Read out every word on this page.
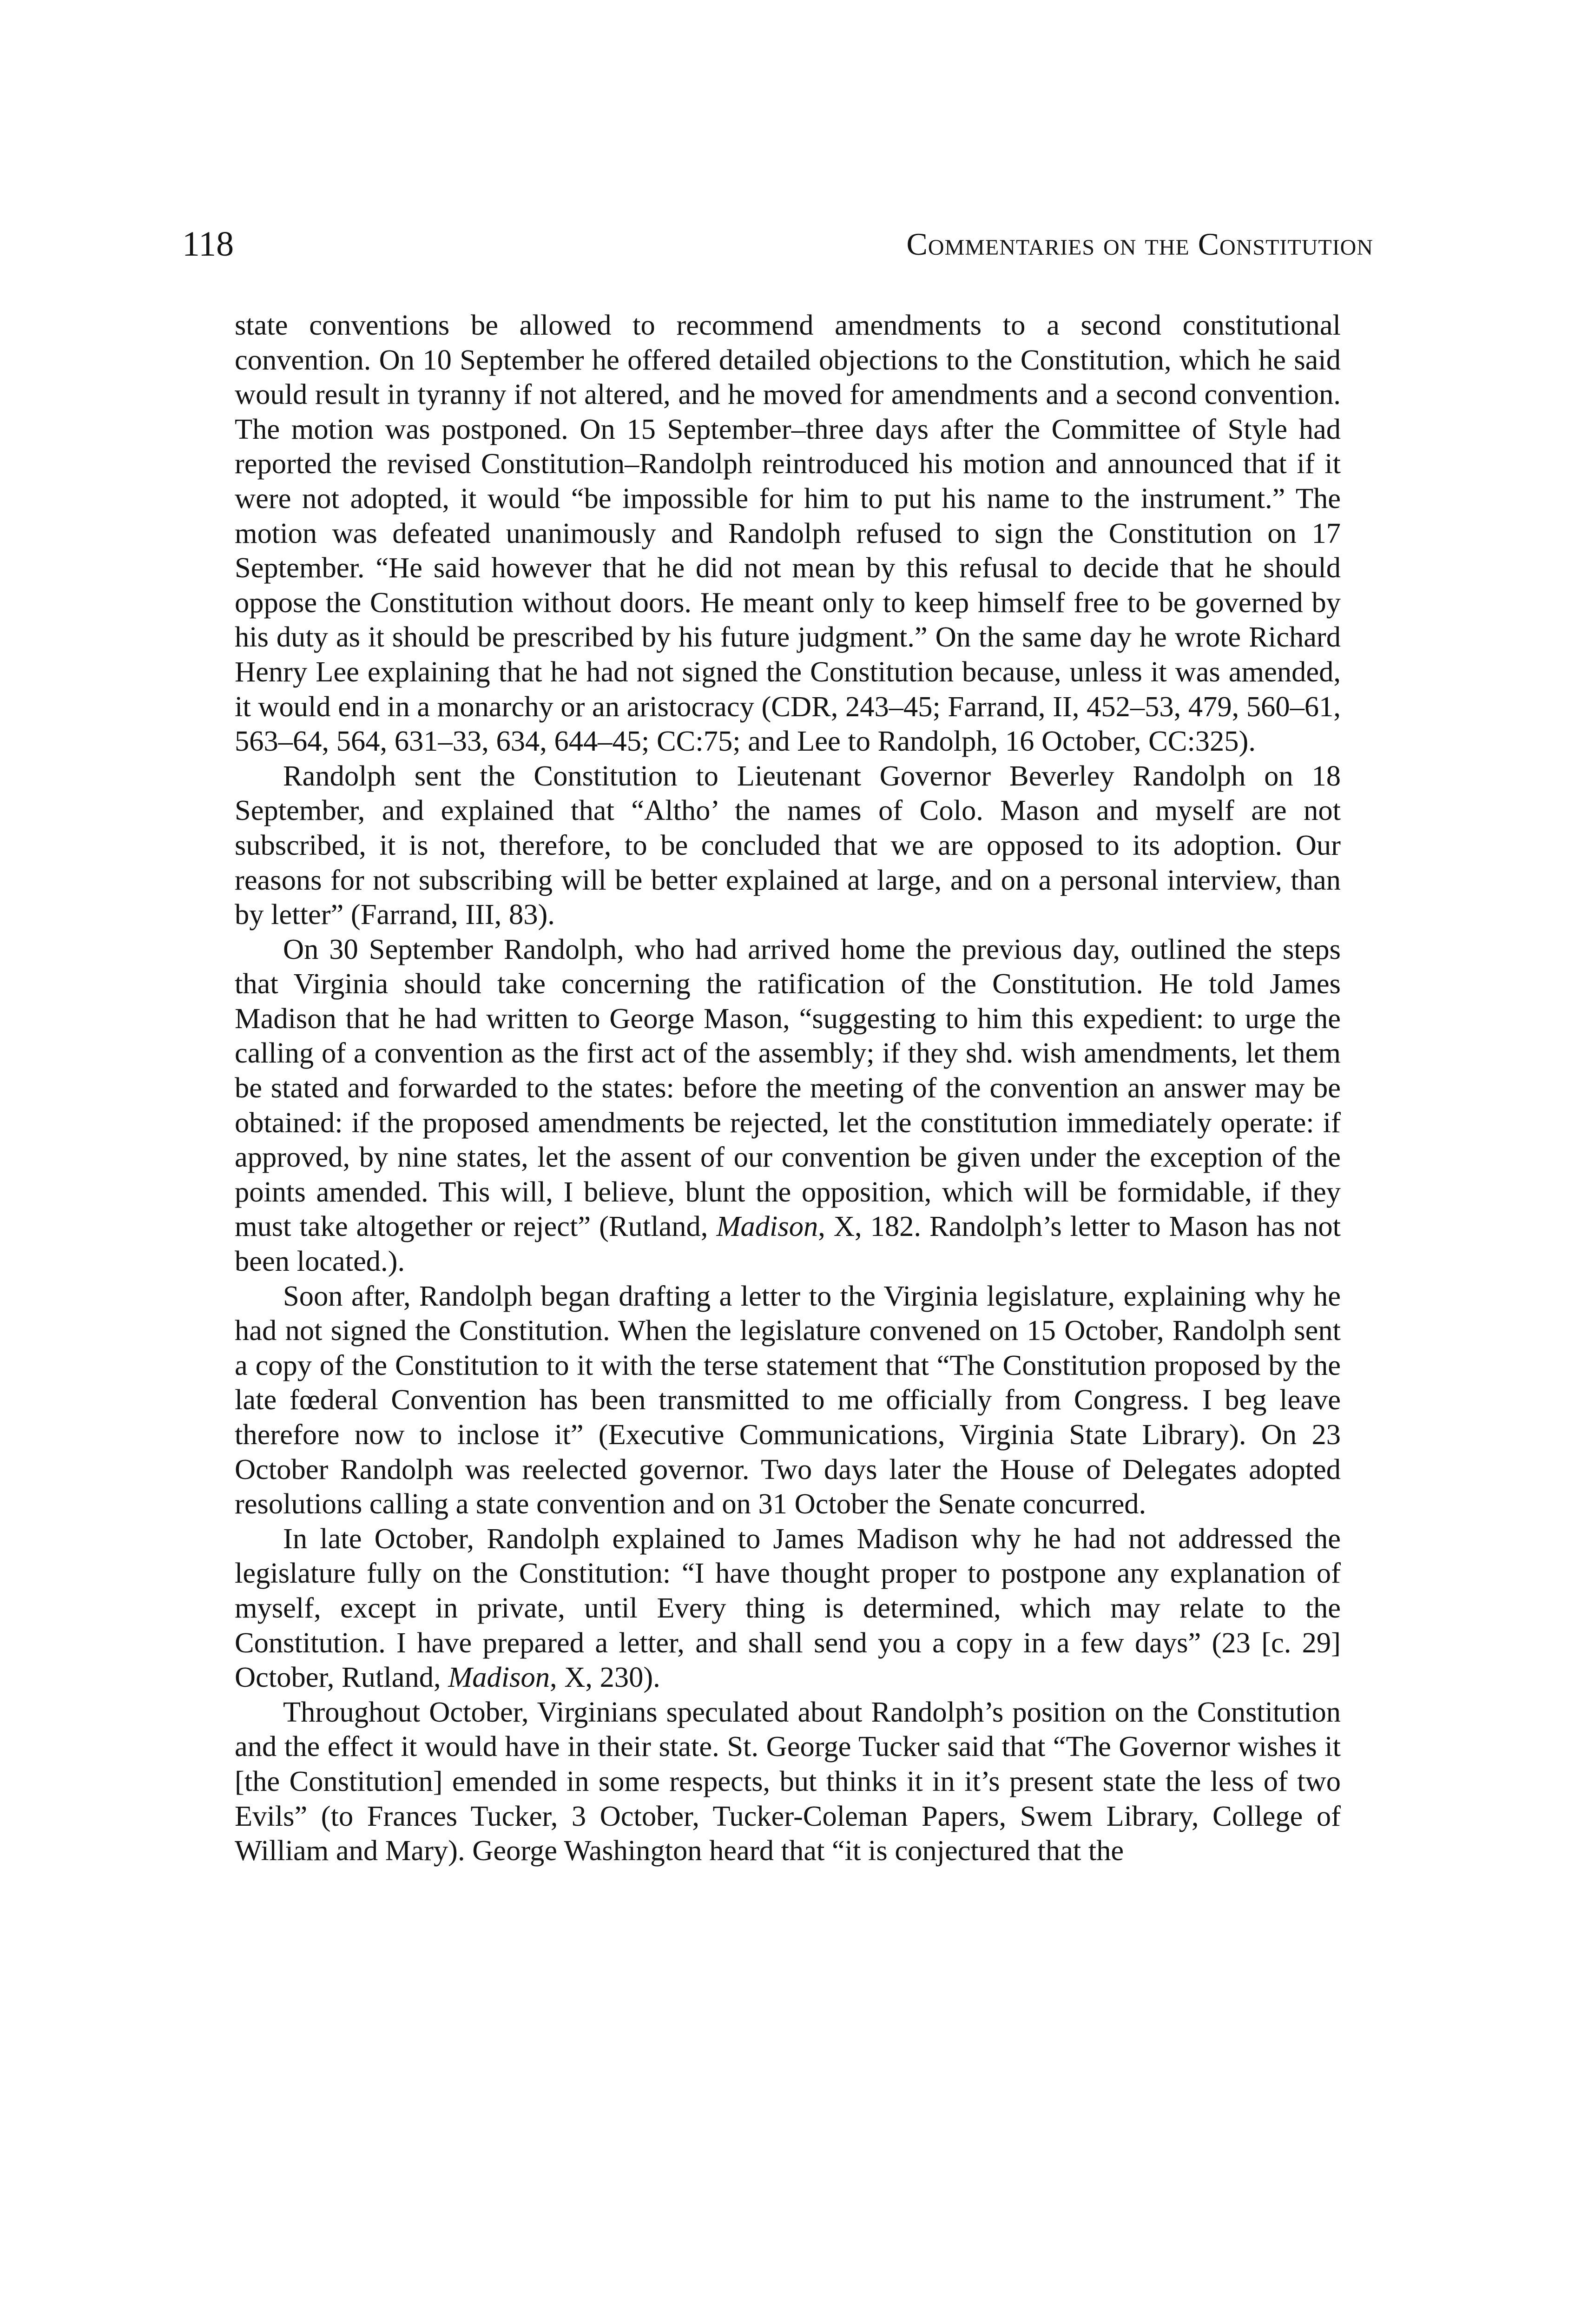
118	Commentaries on the Constitution

state conventions be allowed to recommend amendments to a second constitutional convention. On 10 September he offered detailed objections to the Constitution, which he said would result in tyranny if not altered, and he moved for amendments and a second convention. The motion was postponed. On 15 September–three days after the Committee of Style had reported the revised Constitution–Randolph reintroduced his motion and announced that if it were not adopted, it would “be impossible for him to put his name to the instrument.” The motion was defeated unanimously and Randolph refused to sign the Constitution on 17 September. “He said however that he did not mean by this refusal to decide that he should oppose the Constitution without doors. He meant only to keep himself free to be governed by his duty as it should be prescribed by his future judgment.” On the same day he wrote Richard Henry Lee explaining that he had not signed the Constitution because, unless it was amended, it would end in a monarchy or an aristocracy (CDR, 243–45; Farrand, II, 452–53, 479, 560–61, 563–64, 564, 631–33, 634, 644–45; CC:75; and Lee to Randolph, 16 October, CC:325).

Randolph sent the Constitution to Lieutenant Governor Beverley Randolph on 18 September, and explained that “Altho’ the names of Colo. Mason and myself are not subscribed, it is not, therefore, to be concluded that we are opposed to its adoption. Our reasons for not subscribing will be better explained at large, and on a personal interview, than by letter” (Farrand, III, 83).

On 30 September Randolph, who had arrived home the previous day, outlined the steps that Virginia should take concerning the ratification of the Constitution. He told James Madison that he had written to George Mason, “suggesting to him this expedient: to urge the calling of a convention as the first act of the assembly; if they shd. wish amendments, let them be stated and forwarded to the states: before the meeting of the convention an answer may be obtained: if the proposed amendments be rejected, let the constitution immediately operate: if approved, by nine states, let the assent of our convention be given under the exception of the points amended. This will, I believe, blunt the opposition, which will be formidable, if they must take altogether or reject” (Rutland, Madison, X, 182. Randolph’s letter to Mason has not been located.).

Soon after, Randolph began drafting a letter to the Virginia legislature, explaining why he had not signed the Constitution. When the legislature convened on 15 October, Randolph sent a copy of the Constitution to it with the terse statement that “The Constitution proposed by the late fœderal Convention has been transmitted to me officially from Congress. I beg leave therefore now to inclose it” (Executive Communications, Virginia State Library). On 23 October Randolph was reelected governor. Two days later the House of Delegates adopted resolutions calling a state convention and on 31 October the Senate concurred.

In late October, Randolph explained to James Madison why he had not addressed the legislature fully on the Constitution: “I have thought proper to postpone any explanation of myself, except in private, until Every thing is determined, which may relate to the Constitution. I have prepared a letter, and shall send you a copy in a few days” (23 [c. 29] October, Rutland, Madison, X, 230).

Throughout October, Virginians speculated about Randolph’s position on the Constitution and the effect it would have in their state. St. George Tucker said that “The Governor wishes it [the Constitution] emended in some respects, but thinks it in it’s present state the less of two Evils” (to Frances Tucker, 3 October, Tucker-Coleman Papers, Swem Library, College of William and Mary). George Washington heard that “it is conjectured that the
